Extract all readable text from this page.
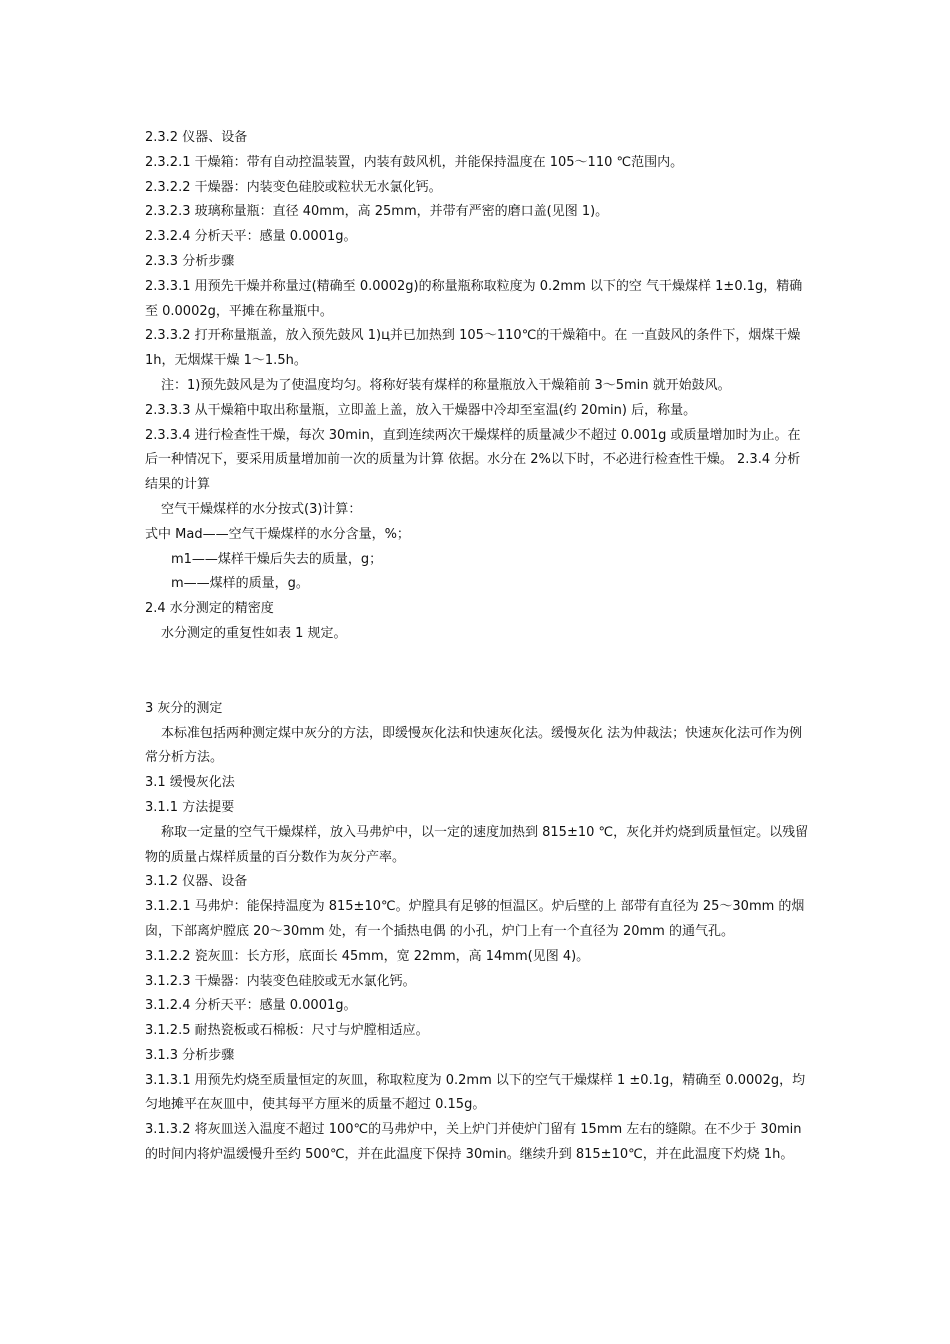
2.3.2 仪器、设备

2.3.2.1 干燥箱：带有自动控温装置，内装有鼓风机，并能保持温度在 105～110 ℃范围内。

2.3.2.2 干燥器：内装变色硅胶或粒状无水氯化钙。

2.3.2.3 玻璃称量瓶：直径 40mm，高 25mm，并带有严密的磨口盖(见图 1)。

2.3.2.4 分析天平：感量 0.0001g。

2.3.3 分析步骤

2.3.3.1 用预先干燥并称量过(精确至 0.0002g)的称量瓶称取粒度为 0.2mm 以下的空 气干燥煤样 1±0.1g，精确至 0.0002g，平摊在称量瓶中。

2.3.3.2 打开称量瓶盖，放入预先鼓风 1)ц并已加热到 105～110℃的干燥箱中。在 一直鼓风的条件下，烟煤干燥 1h，无烟煤干燥 1～1.5h。

注：1)预先鼓风是为了使温度均匀。将称好装有煤样的称量瓶放入干燥箱前 3～5min 就开始鼓风。

2.3.3.3 从干燥箱中取出称量瓶，立即盖上盖，放入干燥器中冷却至室温(约 20min) 后，称量。

2.3.3.4 进行检查性干燥，每次 30min，直到连续两次干燥煤样的质量减少不超过 0.001g 或质量增加时为止。在后一种情况下，要采用质量增加前一次的质量为计算 依据。水分在 2%以下时，不必进行检查性干燥。 2.3.4 分析结果的计算

空气干燥煤样的水分按式(3)计算：

式中 Mad——空气干燥煤样的水分含量，%；

m1——煤样干燥后失去的质量，g；

m——煤样的质量，g。

2.4 水分测定的精密度

水分测定的重复性如表 1 规定。

3 灰分的测定

本标准包括两种测定煤中灰分的方法，即缓慢灰化法和快速灰化法。缓慢灰化 法为仲裁法；快速灰化法可作为例常分析方法。

3.1 缓慢灰化法

3.1.1 方法提要

称取一定量的空气干燥煤样，放入马弗炉中，以一定的速度加热到 815±10 ℃，灰化并灼烧到质量恒定。以残留物的质量占煤样质量的百分数作为灰分产率。

3.1.2 仪器、设备

3.1.2.1 马弗炉：能保持温度为 815±10℃。炉膛具有足够的恒温区。炉后壁的上 部带有直径为 25～30mm 的烟囱，下部离炉膛底 20～30mm 处，有一个插热电偶 的小孔，炉门上有一个直径为 20mm 的通气孔。

3.1.2.2 瓷灰皿：长方形，底面长 45mm，宽 22mm，高 14mm(见图 4)。

3.1.2.3 干燥器：内装变色硅胶或无水氯化钙。

3.1.2.4 分析天平：感量 0.0001g。

3.1.2.5 耐热瓷板或石棉板：尺寸与炉膛相适应。

3.1.3 分析步骤

3.1.3.1 用预先灼烧至质量恒定的灰皿，称取粒度为 0.2mm 以下的空气干燥煤样 1 ±0.1g，精确至 0.0002g，均匀地摊平在灰皿中，使其每平方厘米的质量不超过 0.15g。

3.1.3.2 将灰皿送入温度不超过 100℃的马弗炉中，关上炉门并使炉门留有 15mm 左右的缝隙。在不少于 30min 的时间内将炉温缓慢升至约 500℃，并在此温度下保持 30min。继续升到 815±10℃，并在此温度下灼烧 1h。
